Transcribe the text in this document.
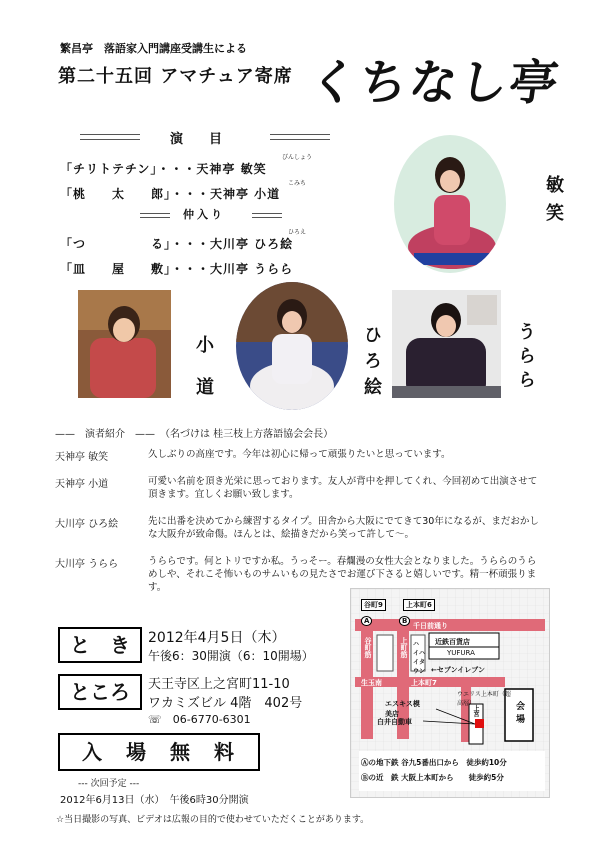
繁昌亭　落語家入門講座受講生による
第二十五回 アマチュア寄席 くちなし亭
演　　目
「チリトテチン」・・・天神亭 敏笑
びんしょう
「桃　　太　　郎」・・・天神亭 小道
こみち
仲入り
「つ　　　　　る」・・・大川亭 ひろ絵
ひろえ
「皿　　屋　　敷」・・・大川亭 うらら
敏笑
小道	ひろ絵	うらら
——　演者紹介　——　（名づけは 桂三枝上方落語協会会長）
天神亭 敏笑	久しぶりの高座です。今年は初心に帰って頑張りたいと思っています。
天神亭 小道	可愛い名前を頂き光栄に思っております。友人が背中を押してくれ、今回初めて出演させて頂きます。宜しくお願い致します。
大川亭 ひろ絵	先に出番を決めてから練習するタイプ。田舎から大阪にでてきて30年になるが、まだおかしな大阪弁が致命傷。ほんとは、絵描きだから笑って許して〜。
大川亭 うらら	うららです。何とトリですか私。うっそー。春爛漫の女性大会となりました。うららのうらめしや、それこそ怖いものサムいもの見たさでお運び下さると嬉しいです。精一杯頑張ります。
と　き	2012年4月5日（木）
午後6：30開演（6：10開場）
ところ	天王寺区上之宮町11-10
ワカミズビル 4階　402号
☏　06-6770-6301
入　場　無　料
--- 次回予定 ---
2012年6月13日（水）　午後6時30分開演
☆当日撮影の写真、ビデオは広報の目的で使わせていただくことがあります。
谷町9	上本町6
A	B
千日前通り
谷町筋	上町筋	近鉄百貨店
YUFURA
ハイハイタウン ←セブンイレブン
生玉南	上本町7
ウエリス上本町（超高層）
エスキス模美店
白井自動車
上宮	会場
Ⓐの地下鉄 谷九5番出口から　徒歩約10分
Ⓑの近　鉄 大阪上本町から　　徒歩約5分
